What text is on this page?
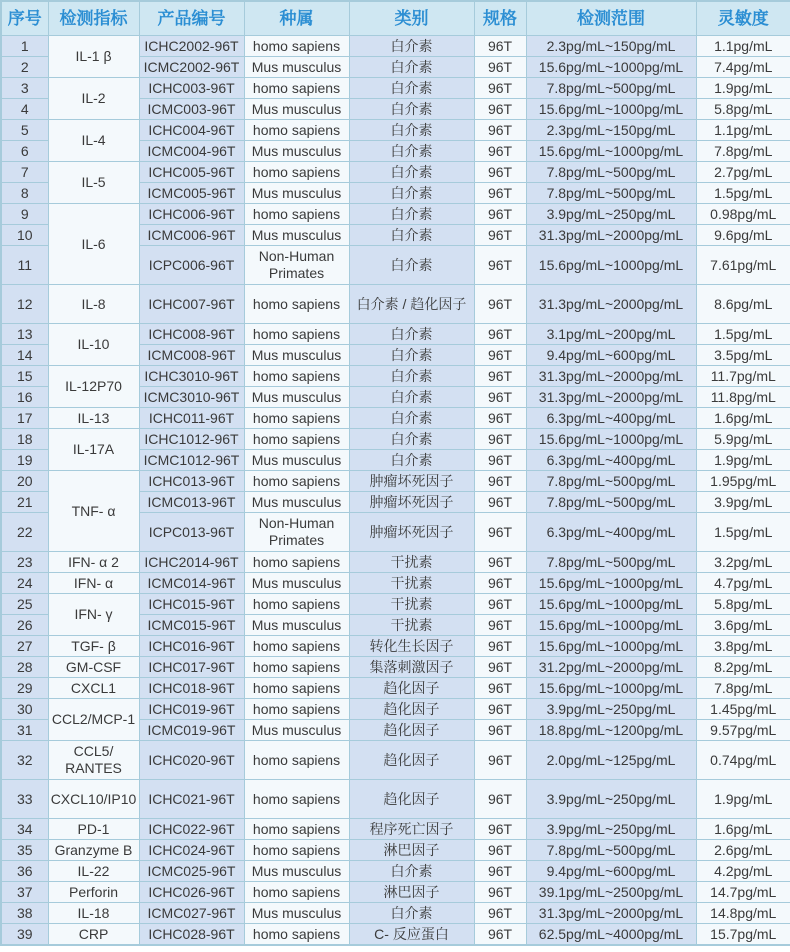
序号	检测指标	产品编号	种属	类别	规格	检测范围	灵敏度
1	IL-1 β	ICHC2002-96T	homo sapiens	白介素	96T	2.3pg/mL~150pg/mL	1.1pg/mL
2		ICMC2002-96T	Mus musculus	白介素	96T	15.6pg/mL~1000pg/mL	7.4pg/mL
3	IL-2	ICHC003-96T	homo sapiens	白介素	96T	7.8pg/mL~500pg/mL	1.9pg/mL
4		ICMC003-96T	Mus musculus	白介素	96T	15.6pg/mL~1000pg/mL	5.8pg/mL
5	IL-4	ICHC004-96T	homo sapiens	白介素	96T	2.3pg/mL~150pg/mL	1.1pg/mL
6		ICMC004-96T	Mus musculus	白介素	96T	15.6pg/mL~1000pg/mL	7.8pg/mL
7	IL-5	ICHC005-96T	homo sapiens	白介素	96T	7.8pg/mL~500pg/mL	2.7pg/mL
8		ICMC005-96T	Mus musculus	白介素	96T	7.8pg/mL~500pg/mL	1.5pg/mL
9	IL-6	ICHC006-96T	homo sapiens	白介素	96T	3.9pg/mL~250pg/mL	0.98pg/mL
10		ICMC006-96T	Mus musculus	白介素	96T	31.3pg/mL~2000pg/mL	9.6pg/mL
11		ICPC006-96T	Non-Human Primates	白介素	96T	15.6pg/mL~1000pg/mL	7.61pg/mL
12	IL-8	ICHC007-96T	homo sapiens	白介素 / 趋化因子	96T	31.3pg/mL~2000pg/mL	8.6pg/mL
13	IL-10	ICHC008-96T	homo sapiens	白介素	96T	3.1pg/mL~200pg/mL	1.5pg/mL
14		ICMC008-96T	Mus musculus	白介素	96T	9.4pg/mL~600pg/mL	3.5pg/mL
15	IL-12P70	ICHC3010-96T	homo sapiens	白介素	96T	31.3pg/mL~2000pg/mL	11.7pg/mL
16		ICMC3010-96T	Mus musculus	白介素	96T	31.3pg/mL~2000pg/mL	11.8pg/mL
17	IL-13	ICHC011-96T	homo sapiens	白介素	96T	6.3pg/mL~400pg/mL	1.6pg/mL
18	IL-17A	ICHC1012-96T	homo sapiens	白介素	96T	15.6pg/mL~1000pg/mL	5.9pg/mL
19		ICMC1012-96T	Mus musculus	白介素	96T	6.3pg/mL~400pg/mL	1.9pg/mL
20	TNF- α	ICHC013-96T	homo sapiens	肿瘤坏死因子	96T	7.8pg/mL~500pg/mL	1.95pg/mL
21		ICMC013-96T	Mus musculus	肿瘤坏死因子	96T	7.8pg/mL~500pg/mL	3.9pg/mL
22		ICPC013-96T	Non-Human Primates	肿瘤坏死因子	96T	6.3pg/mL~400pg/mL	1.5pg/mL
23	IFN- α 2	ICHC2014-96T	homo sapiens	干扰素	96T	7.8pg/mL~500pg/mL	3.2pg/mL
24	IFN- α	ICMC014-96T	Mus musculus	干扰素	96T	15.6pg/mL~1000pg/mL	4.7pg/mL
25	IFN- γ	ICHC015-96T	homo sapiens	干扰素	96T	15.6pg/mL~1000pg/mL	5.8pg/mL
26		ICMC015-96T	Mus musculus	干扰素	96T	15.6pg/mL~1000pg/mL	3.6pg/mL
27	TGF- β	ICHC016-96T	homo sapiens	转化生长因子	96T	15.6pg/mL~1000pg/mL	3.8pg/mL
28	GM-CSF	ICHC017-96T	homo sapiens	集落刺激因子	96T	31.2pg/mL~2000pg/mL	8.2pg/mL
29	CXCL1	ICHC018-96T	homo sapiens	趋化因子	96T	15.6pg/mL~1000pg/mL	7.8pg/mL
30	CCL2/MCP-1	ICHC019-96T	homo sapiens	趋化因子	96T	3.9pg/mL~250pg/mL	1.45pg/mL
31		ICMC019-96T	Mus musculus	趋化因子	96T	18.8pg/mL~1200pg/mL	9.57pg/mL
32	CCL5/ RANTES	ICHC020-96T	homo sapiens	趋化因子	96T	2.0pg/mL~125pg/mL	0.74pg/mL
33	CXCL10/IP10	ICHC021-96T	homo sapiens	趋化因子	96T	3.9pg/mL~250pg/mL	1.9pg/mL
34	PD-1	ICHC022-96T	homo sapiens	程序死亡因子	96T	3.9pg/mL~250pg/mL	1.6pg/mL
35	Granzyme B	ICHC024-96T	homo sapiens	淋巴因子	96T	7.8pg/mL~500pg/mL	2.6pg/mL
36	IL-22	ICMC025-96T	Mus musculus	白介素	96T	9.4pg/mL~600pg/mL	4.2pg/mL
37	Perforin	ICHC026-96T	homo sapiens	淋巴因子	96T	39.1pg/mL~2500pg/mL	14.7pg/mL
38	IL-18	ICMC027-96T	Mus musculus	白介素	96T	31.3pg/mL~2000pg/mL	14.8pg/mL
39	CRP	ICHC028-96T	homo sapiens	C- 反应蛋白	96T	62.5pg/mL~4000pg/mL	15.7pg/mL
